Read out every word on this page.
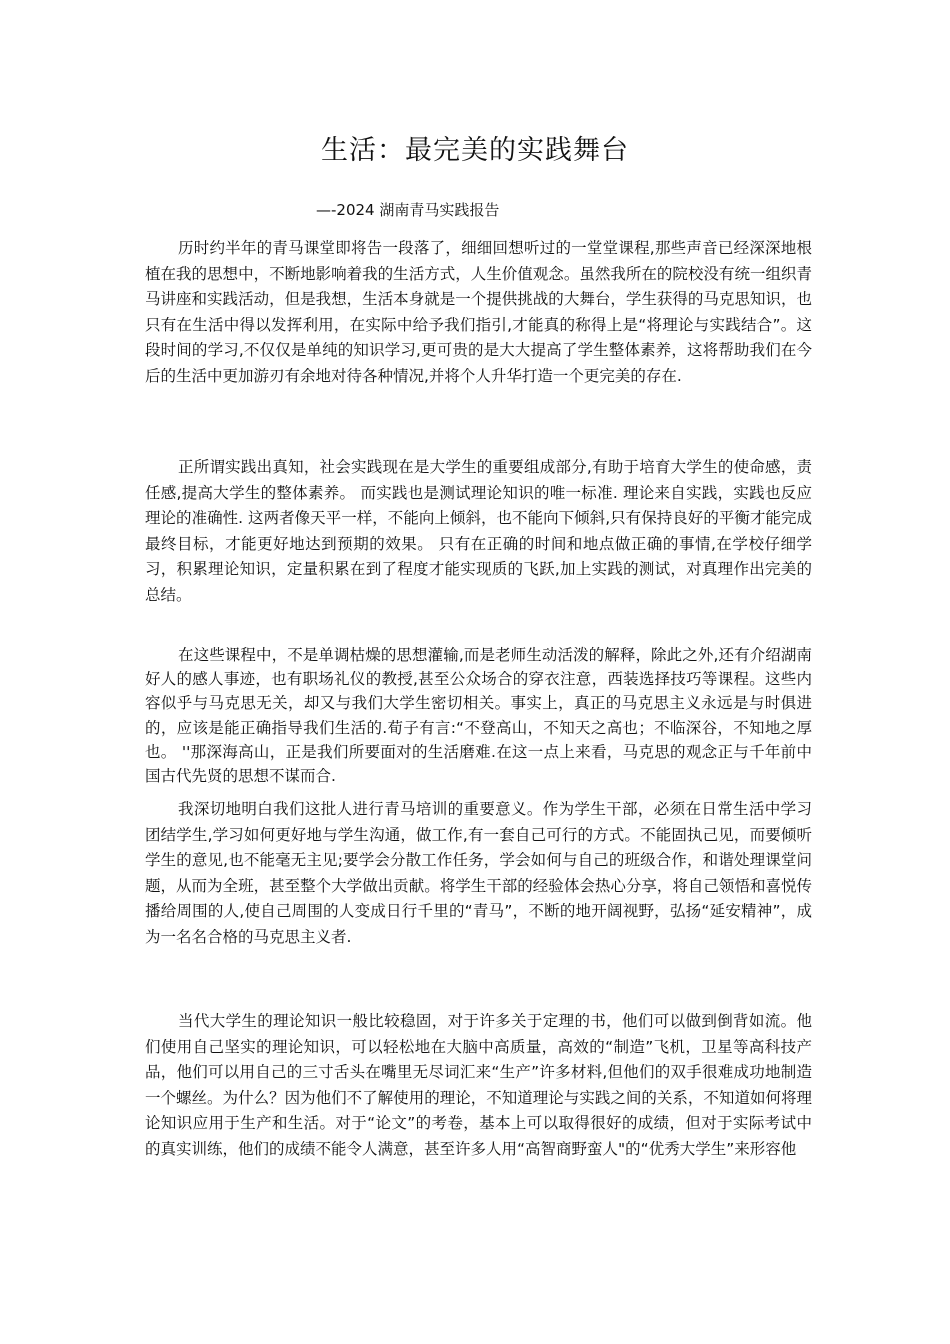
生活：最完美的实践舞台

—-2024 湖南青马实践报告

历时约半年的青马课堂即将告一段落了，细细回想听过的一堂堂课程,那些声音已经深深地根植在我的思想中，不断地影响着我的生活方式，人生价值观念。虽然我所在的院校没有统一组织青马讲座和实践活动，但是我想，生活本身就是一个提供挑战的大舞台，学生获得的马克思知识，也只有在生活中得以发挥利用，在实际中给予我们指引,才能真的称得上是“将理论与实践结合”。这段时间的学习,不仅仅是单纯的知识学习,更可贵的是大大提高了学生整体素养，这将帮助我们在今后的生活中更加游刃有余地对待各种情况,并将个人升华打造一个更完美的存在.

正所谓实践出真知，社会实践现在是大学生的重要组成部分,有助于培育大学生的使命感，责任感,提高大学生的整体素养。 而实践也是测试理论知识的唯一标准. 理论来自实践，实践也反应理论的准确性. 这两者像天平一样，不能向上倾斜，也不能向下倾斜,只有保持良好的平衡才能完成最终目标，才能更好地达到预期的效果。 只有在正确的时间和地点做正确的事情,在学校仔细学习，积累理论知识，定量积累在到了程度才能实现质的飞跃,加上实践的测试，对真理作出完美的总结。

在这些课程中，不是单调枯燥的思想灌输,而是老师生动活泼的解释，除此之外,还有介绍湖南好人的感人事迹，也有职场礼仪的教授,甚至公众场合的穿衣注意，西装选择技巧等课程。这些内容似乎与马克思无关，却又与我们大学生密切相关。事实上，真正的马克思主义永远是与时俱进的，应该是能正确指导我们生活的.荀子有言:“不登高山，不知天之高也；不临深谷，不知地之厚也。 ''那深海高山，正是我们所要面对的生活磨难.在这一点上来看，马克思的观念正与千年前中国古代先贤的思想不谋而合.

我深切地明白我们这批人进行青马培训的重要意义。作为学生干部，必须在日常生活中学习团结学生,学习如何更好地与学生沟通，做工作,有一套自己可行的方式。不能固执己见，而要倾听学生的意见,也不能毫无主见;要学会分散工作任务，学会如何与自己的班级合作，和谐处理课堂问题，从而为全班，甚至整个大学做出贡献。将学生干部的经验体会热心分享，将自己领悟和喜悦传播给周围的人,使自己周围的人变成日行千里的“青马”，不断的地开阔视野，弘扬“延安精神”，成为一名名合格的马克思主义者.

当代大学生的理论知识一般比较稳固，对于许多关于定理的书，他们可以做到倒背如流。他们使用自己坚实的理论知识，可以轻松地在大脑中高质量，高效的“制造”飞机，卫星等高科技产品，他们可以用自己的三寸舌头在嘴里无尽词汇来“生产”许多材料,但他们的双手很难成功地制造一个螺丝。为什么？因为他们不了解使用的理论，不知道理论与实践之间的关系，不知道如何将理论知识应用于生产和生活。对于“论文”的考卷，基本上可以取得很好的成绩，但对于实际考试中的真实训练，他们的成绩不能令人满意，甚至许多人用“高智商野蛮人"的“优秀大学生”来形容他
